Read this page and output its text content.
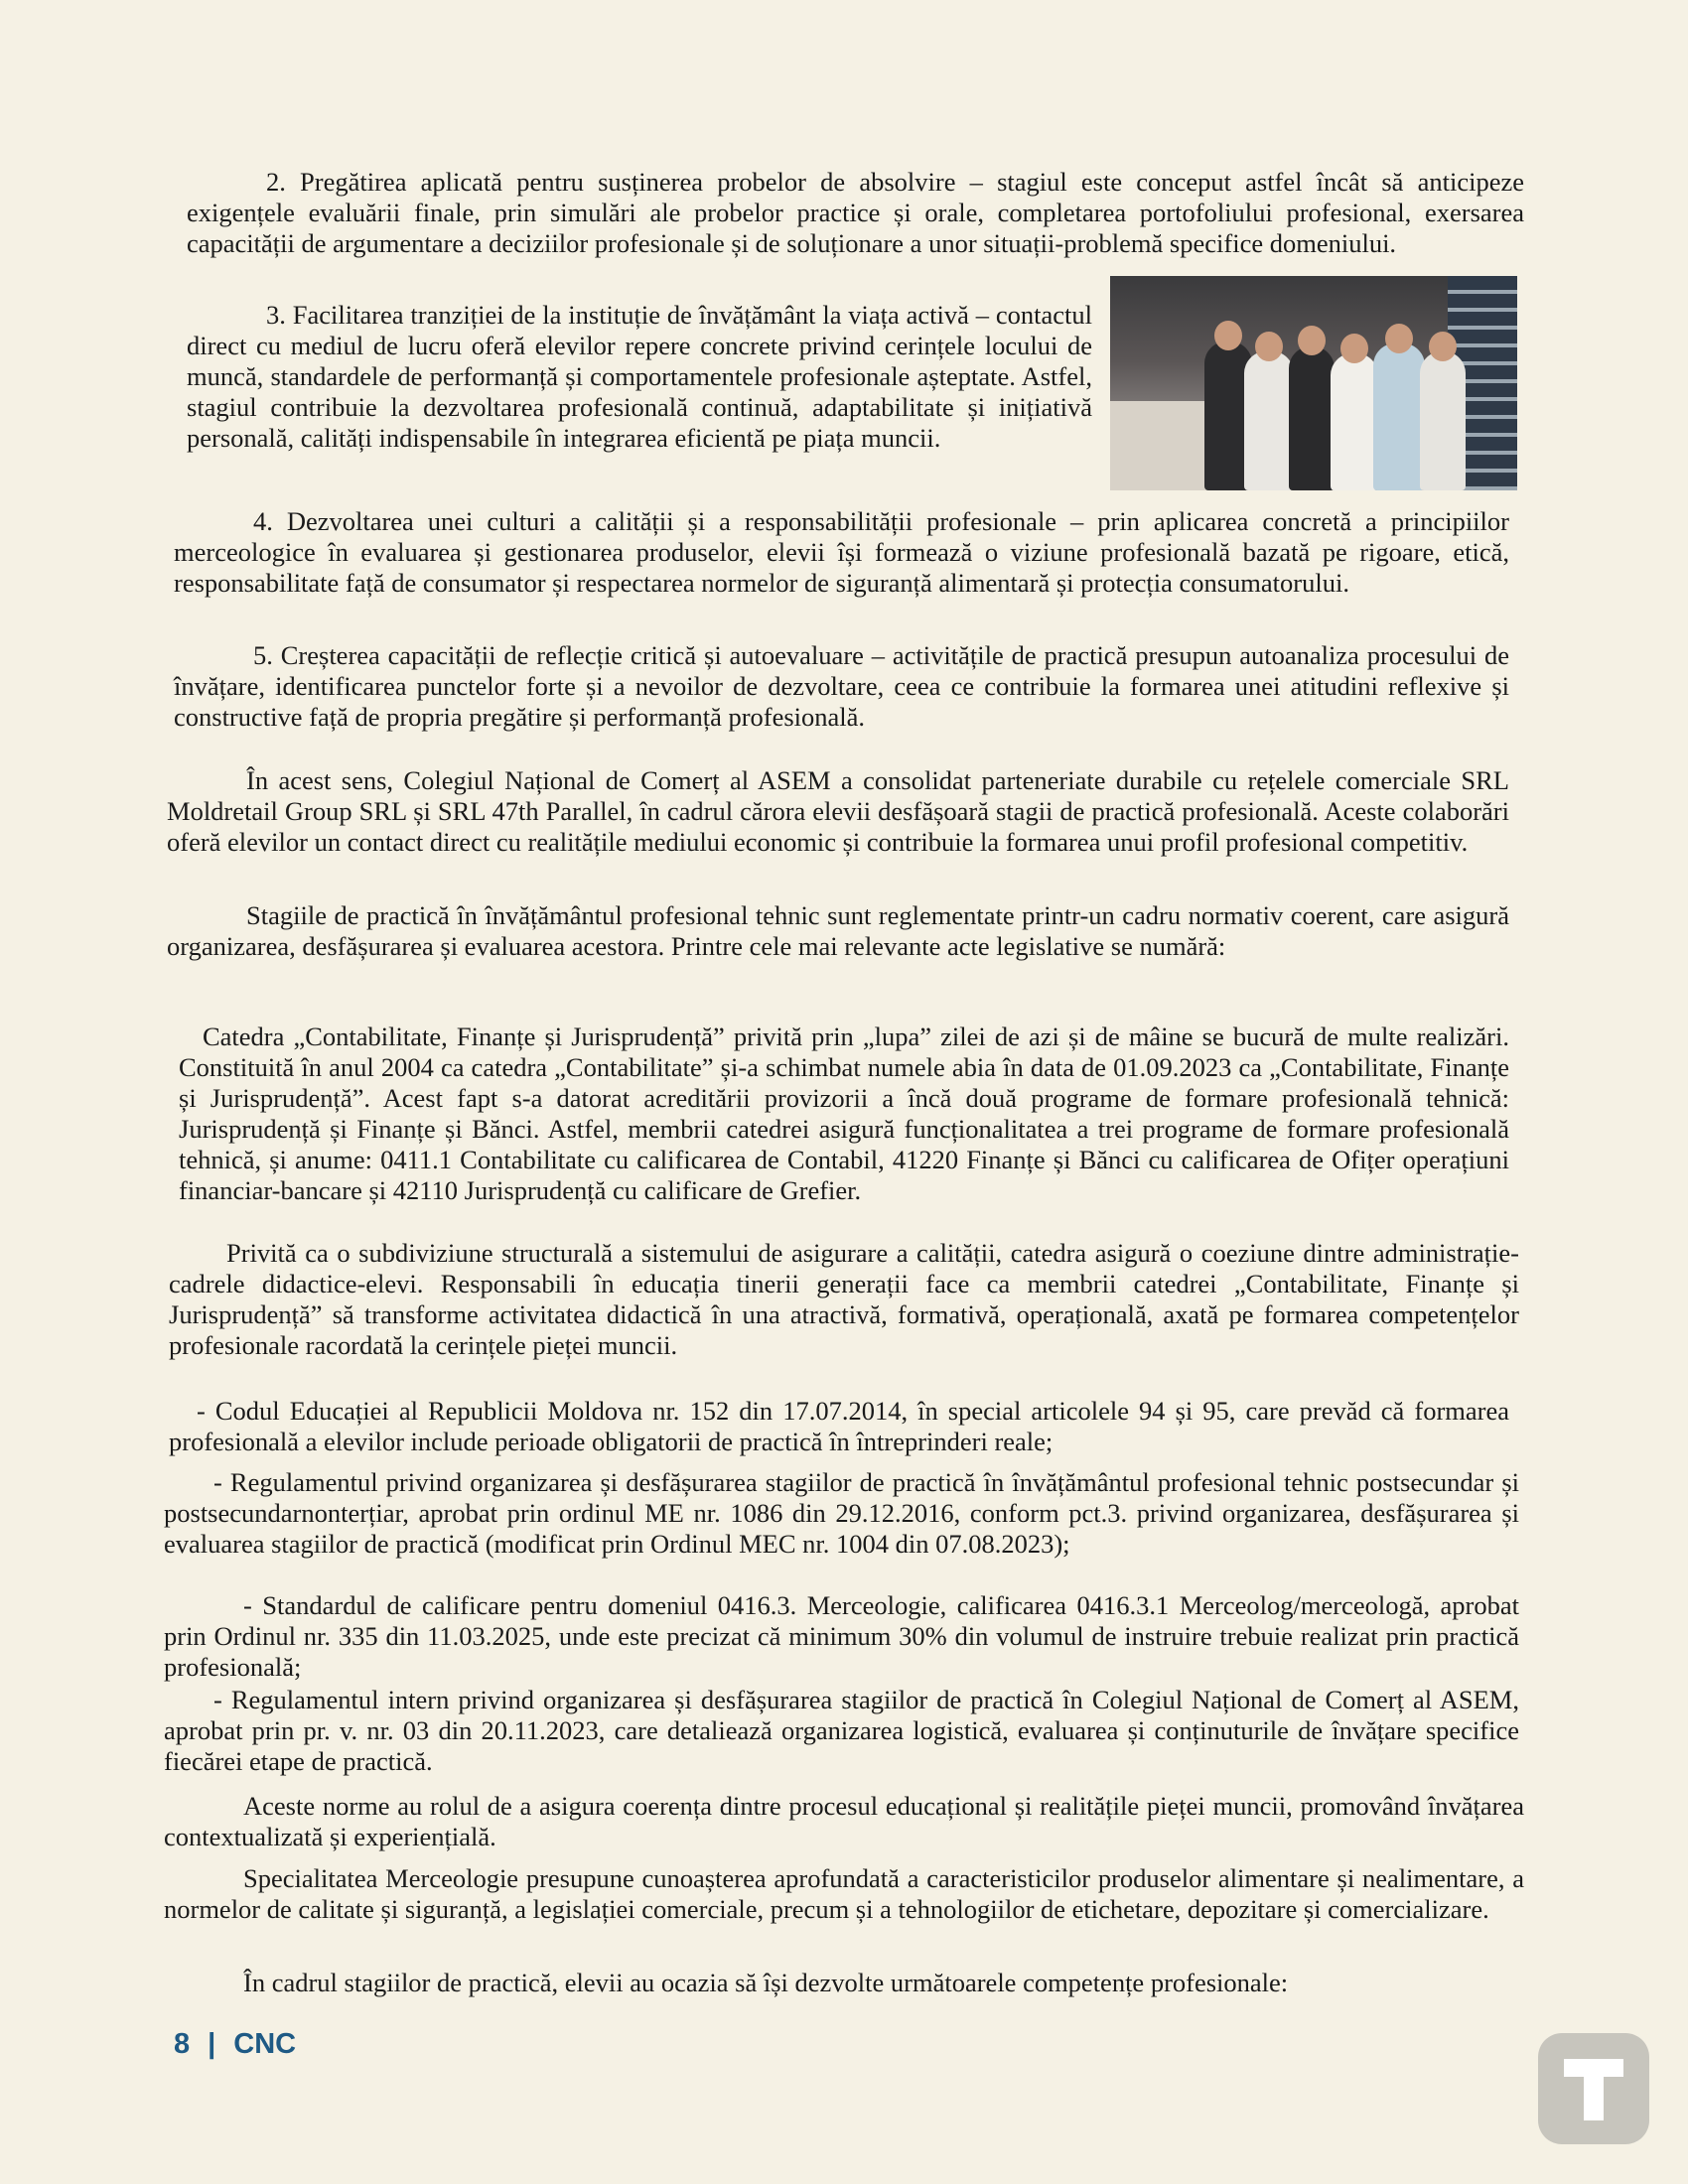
2. Pregătirea aplicată pentru susținerea probelor de absolvire – stagiul este conceput astfel încât să anticipeze exigențele evaluării finale, prin simulări ale probelor practice și orale, completarea portofoliului profesional, exersarea capacității de argumentare a deciziilor profesionale și de soluționare a unor situații-problemă specifice domeniului.

3. Facilitarea tranziției de la instituție de învățământ la viața activă – contactul direct cu mediul de lucru oferă elevilor repere concrete privind cerințele locului de muncă, standardele de performanță și comportamentele profesionale așteptate. Astfel, stagiul contribuie la dezvoltarea profesională continuă, adaptabilitate și inițiativă personală, calități indispensabile în integrarea eficientă pe piața muncii.

4. Dezvoltarea unei culturi a calității și a responsabilității profesionale – prin aplicarea concretă a principiilor merceologice în evaluarea și gestionarea produselor, elevii își formează o viziune profesională bazată pe rigoare, etică, responsabilitate față de consumator și respectarea normelor de siguranță alimentară și protecția consumatorului.

5. Creșterea capacității de reflecție critică și autoevaluare – activitățile de practică presupun autoanaliza procesului de învățare, identificarea punctelor forte și a nevoilor de dezvoltare, ceea ce contribuie la formarea unei atitudini reflexive și constructive față de propria pregătire și performanță profesională.

În acest sens, Colegiul Național de Comerț al ASEM a consolidat parteneriate durabile cu rețelele comerciale SRL Moldretail Group SRL și SRL 47th Parallel, în cadrul cărora elevii desfășoară stagii de practică profesională. Aceste colaborări oferă elevilor un contact direct cu realitățile mediului economic și contribuie la formarea unui profil profesional competitiv.

Stagiile de practică în învățământul profesional tehnic sunt reglementate printr-un cadru normativ coerent, care asigură organizarea, desfășurarea și evaluarea acestora. Printre cele mai relevante acte legislative se numără:

Catedra „Contabilitate, Finanțe și Jurisprudență” privită prin „lupa” zilei de azi și de mâine se bucură de multe realizări. Constituită în anul 2004 ca catedra „Contabilitate” și-a schimbat numele abia în data de 01.09.2023 ca „Contabilitate, Finanțe și Jurisprudență”. Acest fapt s-a datorat acreditării provizorii a încă două programe de formare profesională tehnică: Jurisprudență și Finanțe și Bănci. Astfel, membrii catedrei asigură funcționalitatea a trei programe de formare profesională tehnică, și anume: 0411.1 Contabilitate cu calificarea de Contabil, 41220 Finanțe și Bănci cu calificarea de Ofițer operațiuni financiar-bancare și 42110 Jurisprudență cu calificare de Grefier.

Privită ca o subdiviziune structurală a sistemului de asigurare a calității, catedra asigură o coeziune dintre administrație-cadrele didactice-elevi. Responsabili în educația tinerii generații face ca membrii catedrei „Contabilitate, Finanțe și Jurisprudență” să transforme activitatea didactică în una atractivă, formativă, operațională, axată pe formarea competențelor profesionale racordată la cerințele pieței muncii.

- Codul Educației al Republicii Moldova nr. 152 din 17.07.2014, în special articolele 94 și 95, care prevăd că formarea profesională a elevilor include perioade obligatorii de practică în întreprinderi reale;

- Regulamentul privind organizarea și desfășurarea stagiilor de practică în învățământul profesional tehnic postsecundar și postsecundarnonterțiar, aprobat prin ordinul ME nr. 1086 din 29.12.2016, conform pct.3. privind organizarea, desfășurarea și evaluarea stagiilor de practică (modificat prin Ordinul MEC nr. 1004 din 07.08.2023);

- Standardul de calificare pentru domeniul 0416.3. Merceologie, calificarea 0416.3.1 Merceolog/merceologă, aprobat prin Ordinul nr. 335 din 11.03.2025, unde este precizat că minimum 30% din volumul de instruire trebuie realizat prin practică profesională;

- Regulamentul intern privind organizarea și desfășurarea stagiilor de practică în Colegiul Național de Comerț al ASEM, aprobat prin pr. v. nr. 03 din 20.11.2023, care detaliează organizarea logistică, evaluarea și conținuturile de învățare specifice fiecărei etape de practică.

Aceste norme au rolul de a asigura coerența dintre procesul educațional și realitățile pieței muncii, promovând învățarea contextualizată și experiențială.

Specialitatea Merceologie presupune cunoașterea aprofundată a caracteristicilor produselor alimentare și nealimentare, a normelor de calitate și siguranță, a legislației comerciale, precum și a tehnologiilor de etichetare, depozitare și comercializare.

În cadrul stagiilor de practică, elevii au ocazia să își dezvolte următoarele competențe profesionale:

8 | CNC
